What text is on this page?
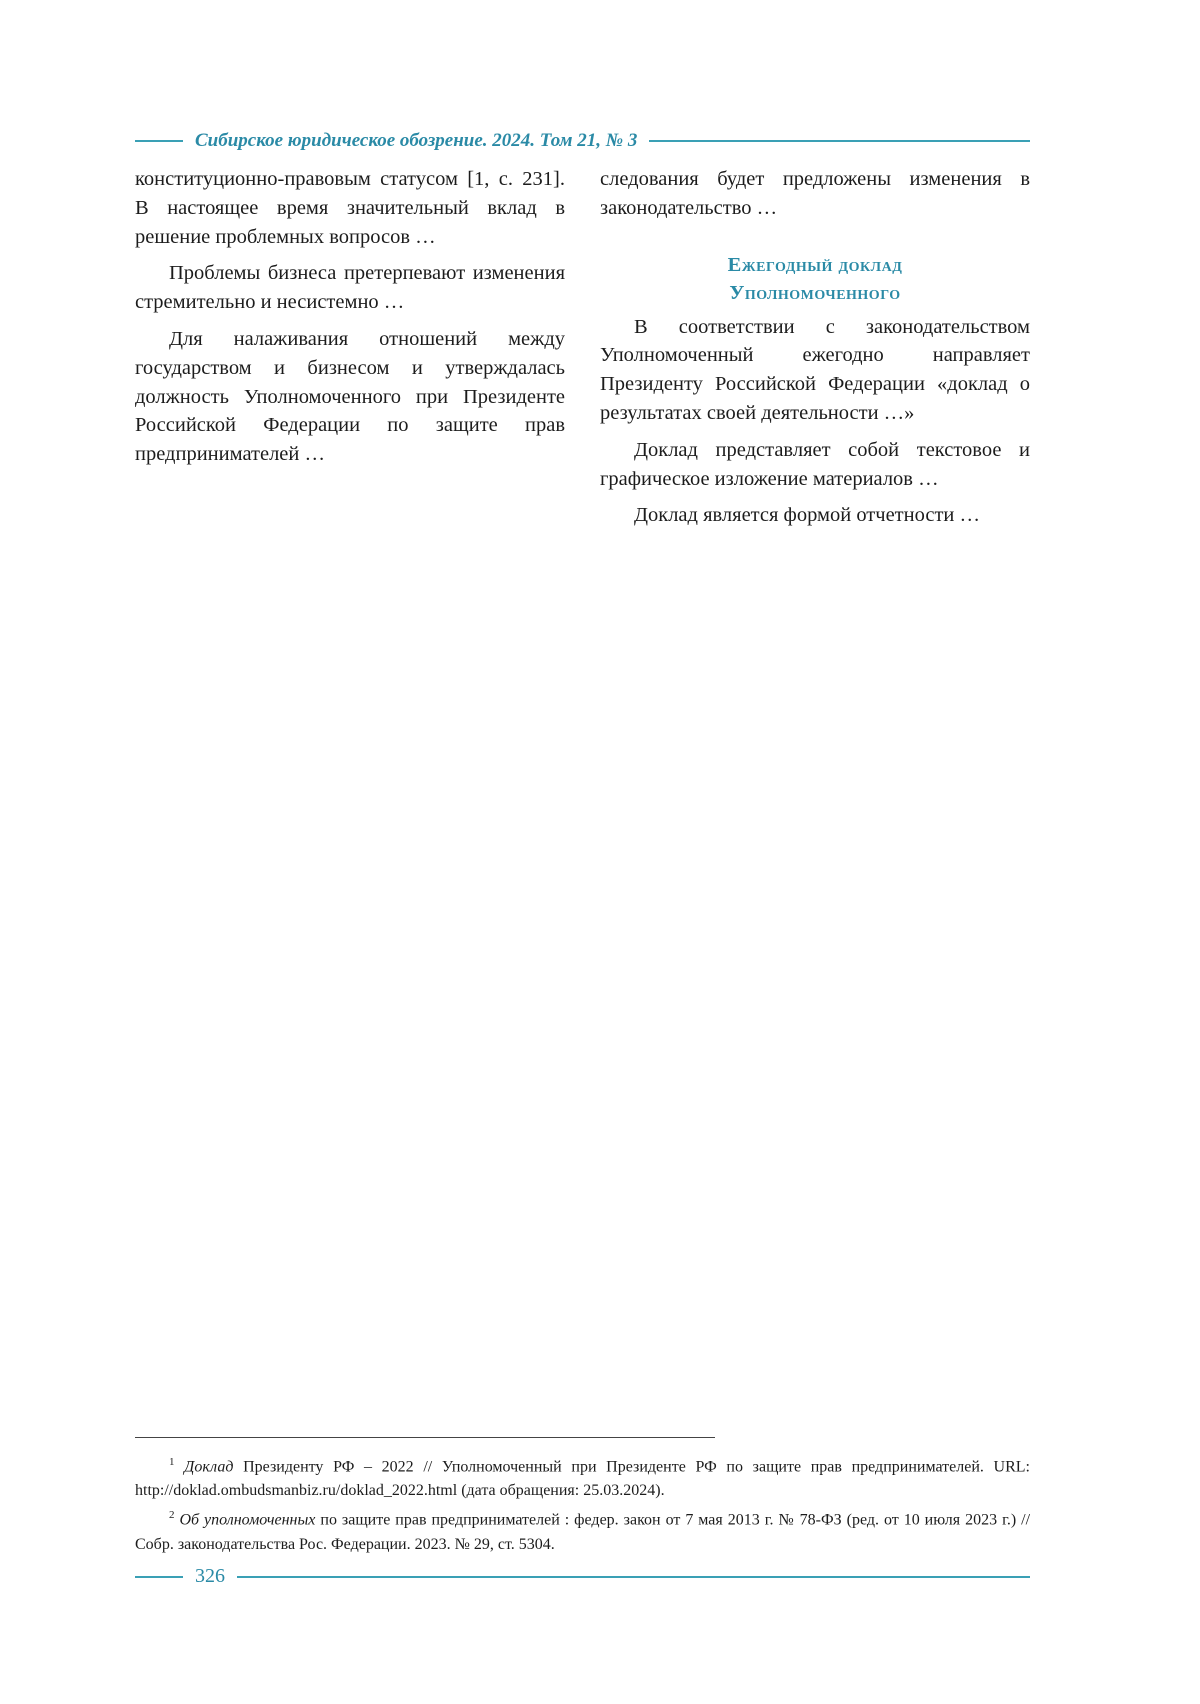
Сибирское юридическое обозрение. 2024. Том 21, № 3

конституционно-правовым статусом [1, с. 231]. В настоящее время значительный вклад в решение проблемных вопросов …

Проблемы бизнеса претерпевают изменения стремительно и несистемно …

Для налаживания отношений между государством и бизнесом и утверждалась должность Уполномоченного при Президенте Российской Федерации по защите прав предпринимателей …

следования будет предложены изменения в законодательство …

Ежегодный доклад
Уполномоченного

В соответствии с законодательством Уполномоченный ежегодно направляет Президенту Российской Федерации «доклад о результатах своей деятельности …»

Доклад представляет собой текстовое и графическое изложение материалов …

Доклад является формой отчетности …

$^1$ Доклад Президенту РФ – 2022 // Уполномоченный при Президенте РФ по защите прав предпринимателей. URL: http://doklad.ombudsmanbiz.ru/doklad_2022.html (дата обращения: 25.03.2024).

$^2$ Об уполномоченных по защите прав предпринимателей : федер. закон от 7 мая 2013 г. № 78-ФЗ (ред. от 10 июля 2023 г.) // Собр. законодательства Рос. Федерации. 2023. № 29, ст. 5304.

326
